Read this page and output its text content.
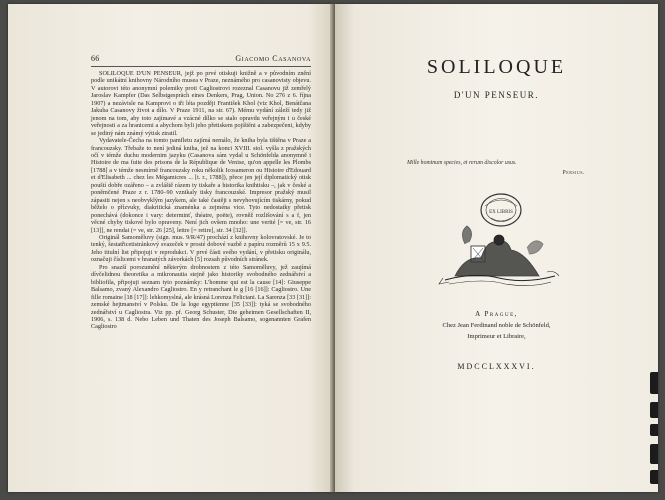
66	Giacomo Casanova

SOLILOQUE D'UN PENSEUR, jejž po prvé otiskuji knižně a v původním znění podle unikátní knihovny Národního musea v Praze, neznámého pro casanovisty objevu. V autorovi této anonymní polemiky proti Cagliostrovi rozeznal Casanovu již zemřelý Jaroslav Kampfer (Das Selbstgespräch eines Denkers, Prag, Union. No 276 z 6. října 1907) a nezávisle na Kamprovi o tři léta později František Khol (viz Khol, Benátčana Jakuba Casanovy život a dílo. V Praze 1911, na str. 67). Mému vydání záleží tedy již jenom na tom, aby toto zajímavé a vzácné dílko se stalo opravdu veřejným i u české veřejnosti a za hranicemi a abychom byli jeho přetiskem pojištěni a zabezpečeni, kdyby se jediný nám známý výtisk ztratil.

Vydavatele-Čecha na tomto pamfletu zajímá nemálo, že kniha byla tištěna v Praze a francouzsky. Třebaže to není jediná kniha, jež na konci XVIII. stol. vyšla z pražských očí v témže duchu modernim jazyku (Casanova sám vydal u Schönfelda anonymně i Histoire de ma fuite des prisons de la République de Venise, qu'on appelle les Plombs [1788] a v témže nesmírně francouzsky roku několik Icosameron ou Histoire d'Edouard et d'Elisabeth ... chez les Mégamicres ... [t. r., 1788]), přece jen její diplomatický otisk pouští dobře ozářeno – a zvláště rázem ty tiskaře a historika knihtisku –, jak v české a poněmčené Praze z r. 1780–90 vznikaly tisky francouzské. Impresor pražský musil zápasiti nejen s neobvyklým jazykem, ale také častěji s nevyhovujícím tiskárny, pokud běželo o přízvuky, diakritická znaménka a zejména vice. Tyto nedostatky přetisk ponechává (dokonce i vary: determinť, théatre, poëte), rovněž rozlišování s a f, jen věcné chyby tiskové bylo opraveny. Není jich ovšem mnoho: une verité [= ve, str. 16 [13]], ne rendai (= ve, str. 26 [25], lettre [= retire], str. 34 [32]].

Originál Samoměluvy (sign. mus. 9/R/47) prochází z knihovny kolovratovské. Je to tenký, šestatřicetistránkový svazeček v prosté dobové vazbě z papíru rozměrů 15 x 9.5. Jeho titulní list připojuji v reprodukci. V prvé části svého vydání, v přetisku originálu, označuji číslicemi v hranatých závorkách [5] rozsah původních stránek.

Pro snazší porozumění některým drobnostem z této Samoměluvy, jež zaujímá dívčelidnou theoretika a mikronautia stejně jako historiky svobodného zednářství a bibliofila, připojuji seznam tyto poznámky: L'homme qui est la cause [14]: Giuseppe Balsamo, zvaný Alexandro Cagliostro. En y retranchant le g [16 [16]]: Cagliostro. Une fille romaine [18 [17]]: lehkomyslná, ale krásná Lorenza Feliciani. La Sarenza [33 [31]]: zemské hejtmanství v Polsku. De la loge egyptienne [35 [33]]: tyká se svobodného zednářství u Cagliostra. Viz pp. pf. Georg Schuster, Die geheimen Gesellschaften II, 1906, s. 138 d. Nebo Leben und Thaten des Joseph Balsamo, sogenannten Grafen Cagliostro

SOLILOQUE
D'UN PENSEUR.
Mille hominum species, et rerum discolor usus.
Persius.
EX LIBRIS
A Prague,
Chez Jean Ferdinand noble de Schönfeld,
Imprimeur et Libraire,
MDCCLXXXVI.
